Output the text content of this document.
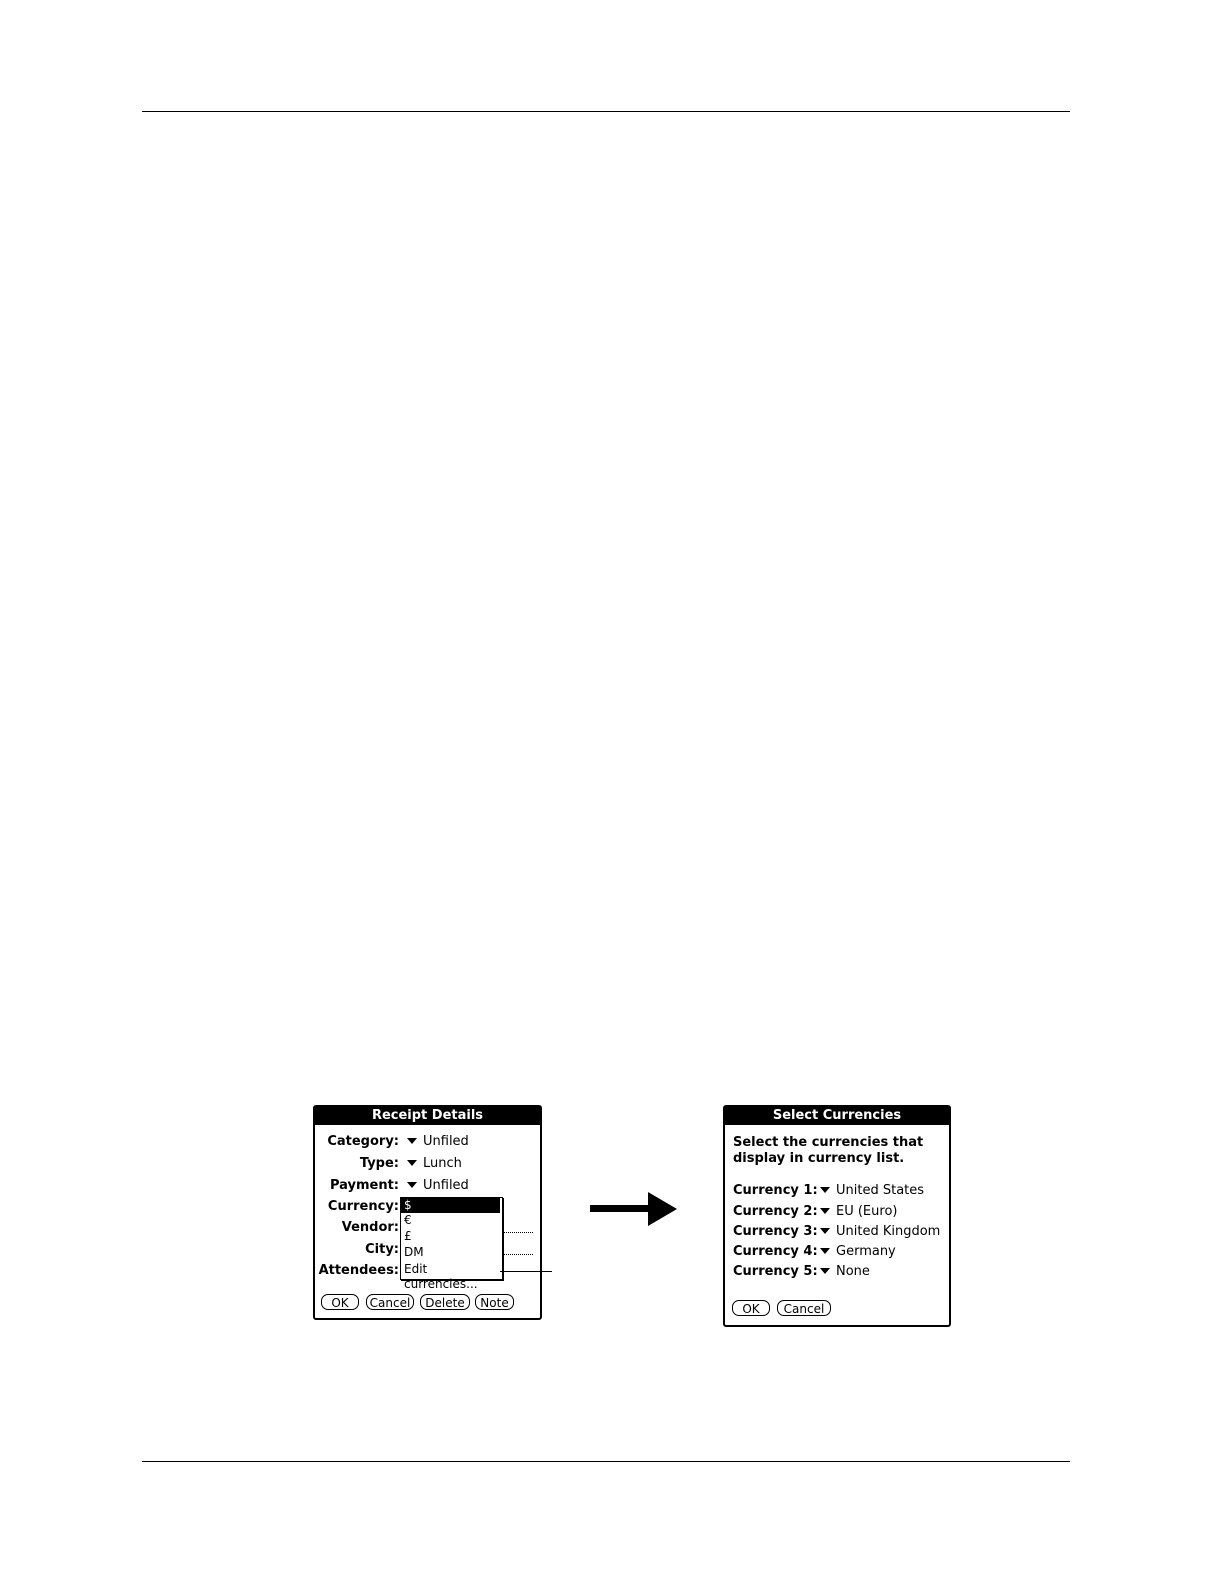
Receipt Details
Category:	Unfiled
Type:	Lunch
Payment:	Unfiled
Currency:
Vendor:
City:
Attendees:
OK	Cancel	Delete	Note
$
€
£
DM
Edit currencies...
Select Currencies
Select the currencies that display in currency list.
Currency 1:	United States
Currency 2:	EU (Euro)
Currency 3:	United Kingdom
Currency 4:	Germany
Currency 5:	None
OK	Cancel
